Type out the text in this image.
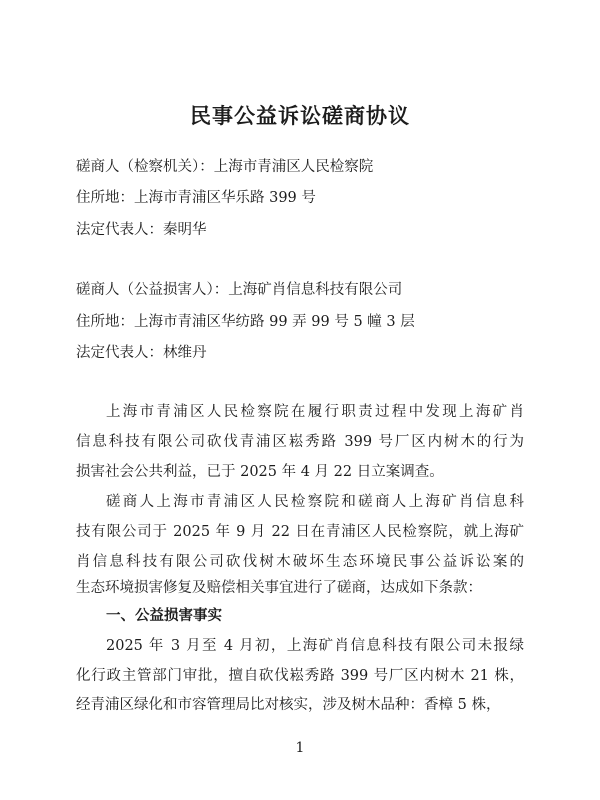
民事公益诉讼磋商协议
磋商人（检察机关）：上海市青浦区人民检察院
住所地：上海市青浦区华乐路 399 号
法定代表人：秦明华
磋商人（公益损害人）：上海矿肖信息科技有限公司
住所地：上海市青浦区华纺路 99 弄 99 号 5 幢 3 层
法定代表人：林维丹
上海市青浦区人民检察院在履行职责过程中发现上海矿肖
信息科技有限公司砍伐青浦区崧秀路 399 号厂区内树木的行为
损害社会公共利益，已于 2025 年 4 月 22 日立案调查。
磋商人上海市青浦区人民检察院和磋商人上海矿肖信息科
技有限公司于 2025 年 9 月 22 日在青浦区人民检察院，就上海矿
肖信息科技有限公司砍伐树木破坏生态环境民事公益诉讼案的
生态环境损害修复及赔偿相关事宜进行了磋商，达成如下条款：
一、公益损害事实
2025 年 3 月至 4 月初，上海矿肖信息科技有限公司未报绿
化行政主管部门审批，擅自砍伐崧秀路 399 号厂区内树木 21 株，
经青浦区绿化和市容管理局比对核实，涉及树木品种：香樟 5 株，
1
